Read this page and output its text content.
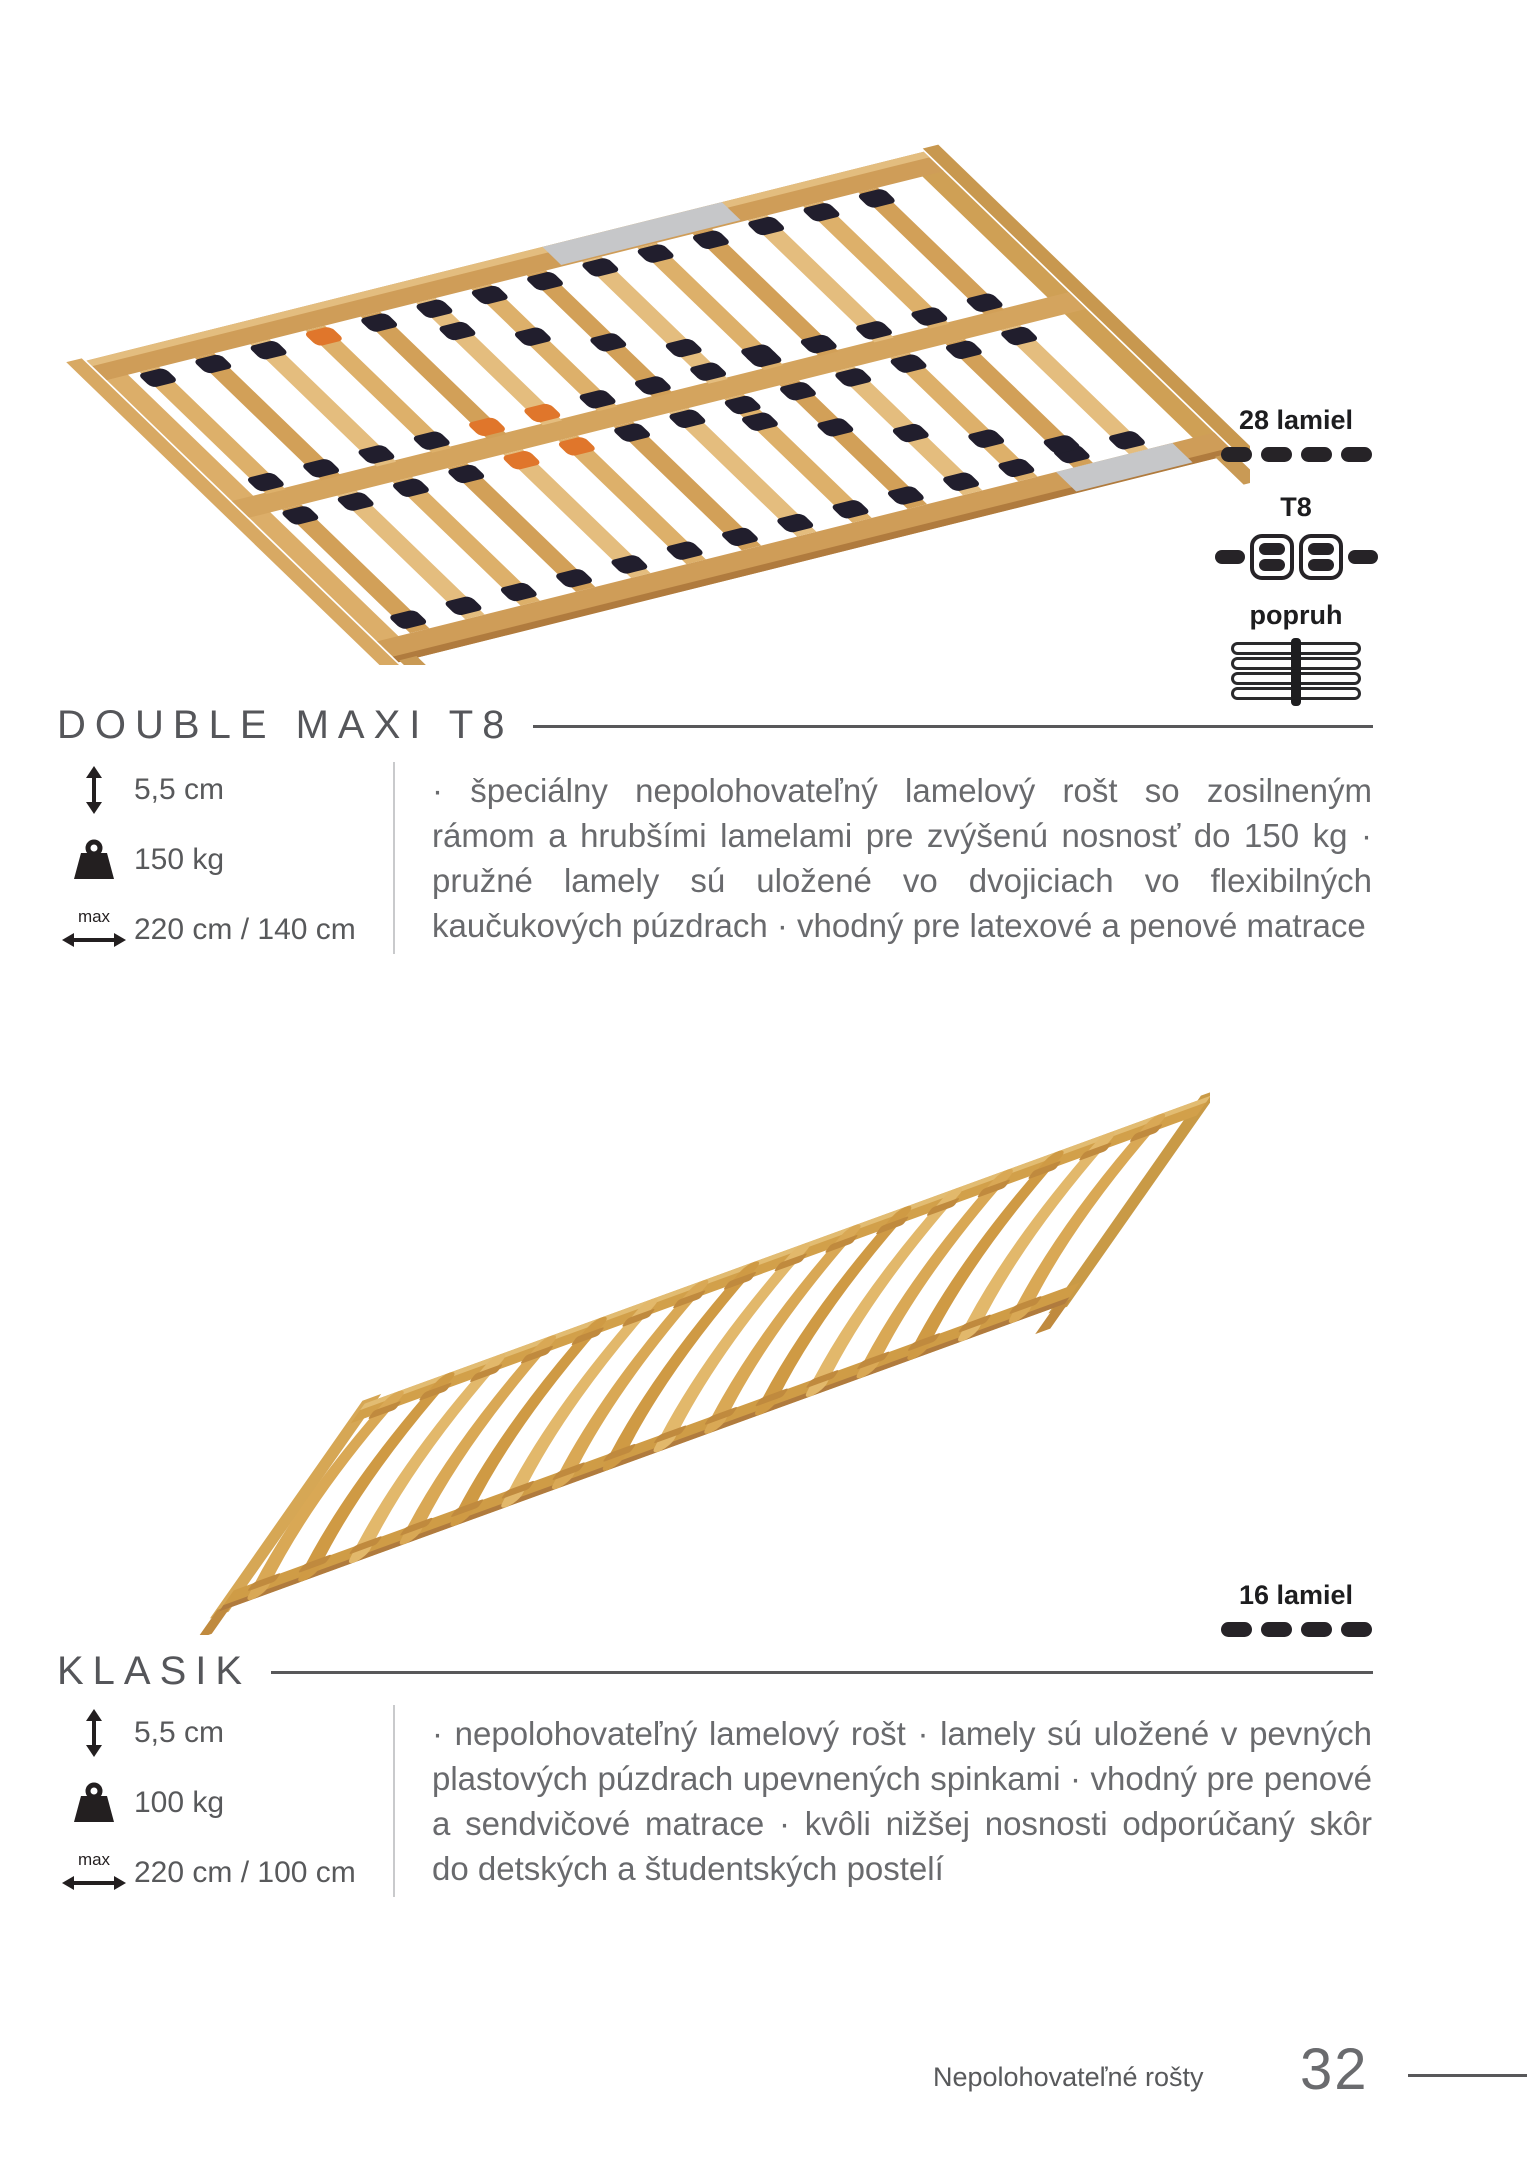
28 lamiel
T8
popruh
DOUBLE MAXI T8
5,5 cm
150 kg
max 220 cm / 140 cm

· špeciálny nepolohovateľný lamelový rošt so zosilneným rámom a hrubšími lamelami pre zvýšenú nosnosť do 150 kg · pružné lamely sú uložené vo dvojiciach vo flexibilných kaučukových púzdrach · vhodný pre latexové a penové matrace

16 lamiel
KLASIK
5,5 cm
100 kg
max 220 cm / 100 cm

· nepolohovateľný lamelový rošt · lamely sú uložené v pevných plastových púzdrach upevnených spinkami · vhodný pre penové a sendvičové matrace · kvôli nižšej nosnosti odporúčaný skôr do detských a študentských postelí

Nepolohovateľné rošty 32
